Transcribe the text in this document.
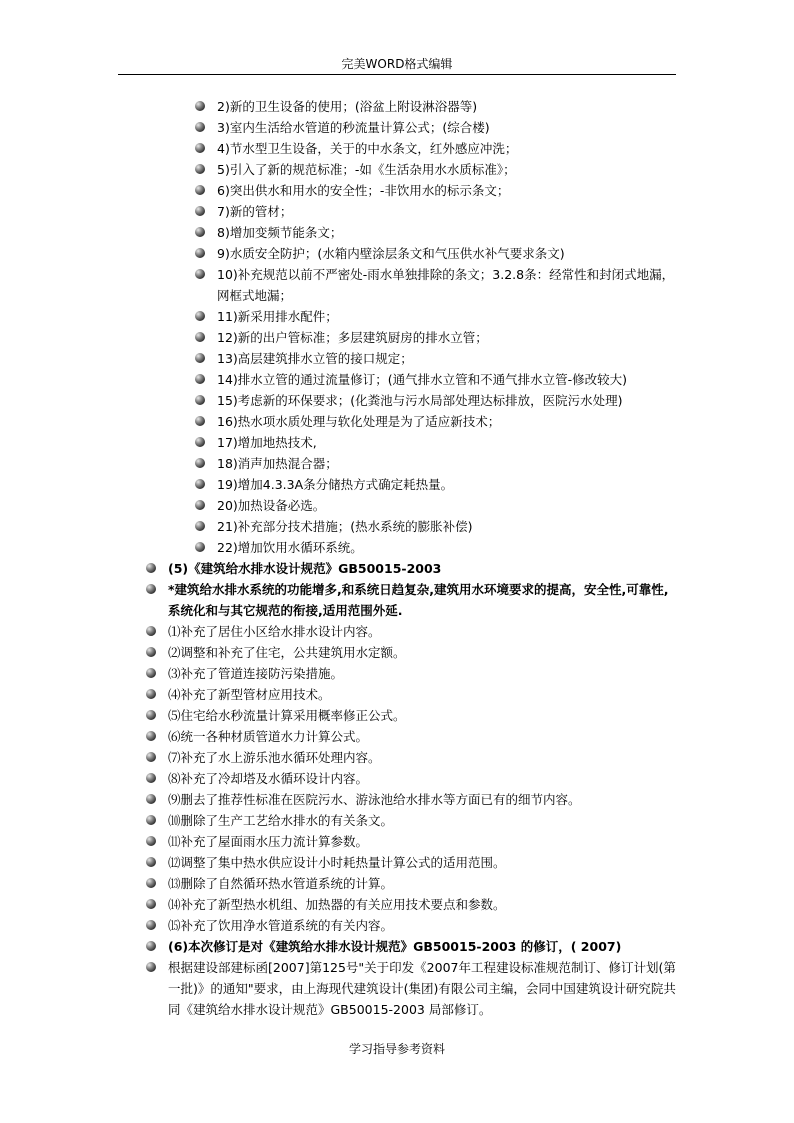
完美WORD格式编辑
2)新的卫生设备的使用；(浴盆上附设淋浴器等)
3)室内生活给水管道的秒流量计算公式；(综合楼)
4)节水型卫生设备，关于的中水条文，红外感应冲洗；
5)引入了新的规范标准；-如《生活杂用水水质标准》；
6)突出供水和用水的安全性；-非饮用水的标示条文；
7)新的管材；
8)增加变频节能条文；
9)水质安全防护；(水箱内壁涂层条文和气压供水补气要求条文)
10)补充规范以前不严密处-雨水单独排除的条文；3.2.8条：经常性和封闭式地漏，网框式地漏；
11)新采用排水配件；
12)新的出户管标准；多层建筑厨房的排水立管；
13)高层建筑排水立管的接口规定；
14)排水立管的通过流量修订；(通气排水立管和不通气排水立管-修改较大)
15)考虑新的环保要求；(化粪池与污水局部处理达标排放，医院污水处理)
16)热水项水质处理与软化处理是为了适应新技术；
17)增加地热技术,
18)消声加热混合器；
19)增加4.3.3A条分储热方式确定耗热量。
20)加热设备必选。
21)补充部分技术措施；(热水系统的膨胀补偿)
22)增加饮用水循环系统。
(5)《建筑给水排水设计规范》GB50015-2003
*建筑给水排水系统的功能增多,和系统日趋复杂,建筑用水环境要求的提高，安全性,可靠性,系统化和与其它规范的衔接,适用范围外延.
⑴补充了居住小区给水排水设计内容。
⑵调整和补充了住宅，公共建筑用水定额。
⑶补充了管道连接防污染措施。
⑷补充了新型管材应用技术。
⑸住宅给水秒流量计算采用概率修正公式。
⑹统一各种材质管道水力计算公式。
⑺补充了水上游乐池水循环处理内容。
⑻补充了冷却塔及水循环设计内容。
⑼删去了推荐性标准在医院污水、游泳池给水排水等方面已有的细节内容。
⑽删除了生产工艺给水排水的有关条文。
⑾补充了屋面雨水压力流计算参数。
⑿调整了集中热水供应设计小时耗热量计算公式的适用范围。
⒀删除了自然循环热水管道系统的计算。
⒁补充了新型热水机组、加热器的有关应用技术要点和参数。
⒂补充了饮用净水管道系统的有关内容。
(6)本次修订是对《建筑给水排水设计规范》GB50015-2003 的修订，( 2007)
根据建设部建标函[2007]第125号"关于印发《2007年工程建设标准规范制订、修订计划(第一批)》的通知"要求，由上海现代建筑设计(集团)有限公司主编，会同中国建筑设计研究院共同《建筑给水排水设计规范》GB50015-2003 局部修订。
学习指导参考资料
